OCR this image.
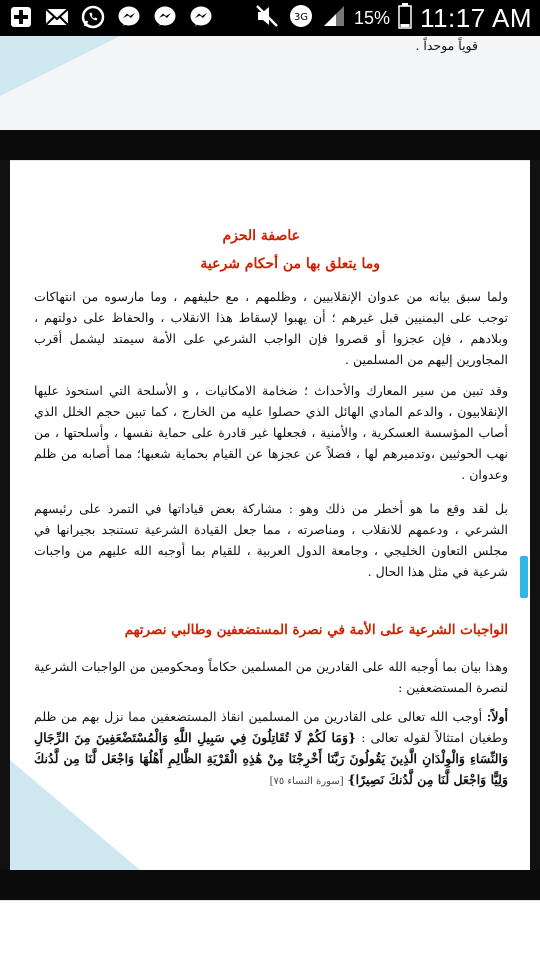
3G	15% 11:17 AM
١١	قوياً موحداً .
عاصفة الحزم
وما يتعلق بها من أحكام شرعية

ولما سبق بيانه من عدوان الإنقلابيين ، وظلمهم ، مع حليفهم ، وما مارسوه من انتهاكات توجب على اليمنيين قبل غيرهم ؛ أن يهبوا لإسقاط هذا الانقلاب ، والحفاظ على دولتهم ، وبلادهم ، فإن عجزوا أو قصروا فإن الواجب الشرعي على الأمة سيمتد ليشمل أقرب المجاورين إليهم من المسلمين .

وقد تبين من سير المعارك والأحداث ؛ ضخامة الامكانيات ، و الأسلحة التي استحوذ عليها الإنقلابيون ، والدعم المادي الهائل الذي حصلوا عليه من الخارج ، كما تبين حجم الخلل الذي أصاب المؤسسة العسكرية ، والأمنية ، فجعلها غير قادرة على حماية نفسها ، وأسلحتها ، من نهب الحوثيين ،وتدميرهم لها ، فضلاً عن عجزها عن القيام بحماية شعبها؛ مما أصابه من ظلم وعدوان .

بل لقد وقع ما هو أخطر من ذلك وهو : مشاركة بعض قياداتها في التمرد على رئيسهم الشرعي ، ودعمهم للانقلاب ، ومناصرته ، مما جعل القيادة الشرعية تستنجد بجيرانها في مجلس التعاون الخليجي ، وجامعة الدول العربية ، للقيام بما أوجبه الله عليهم من واجبات شرعية في مثل هذا الحال .

الواجبات الشرعية على الأمة في نصرة المستضعفين وطالبي نصرتهم

وهذا بيان بما أوجبه الله على القادرين من المسلمين حكاماً ومحكومين من الواجبات الشرعية لنصرة المستضعفين :

أولاً: أوجب الله تعالى على القادرين من المسلمين انقاذ المستضعفين مما نزل بهم من ظلم وطغيان امتثالاً لقوله تعالى : {وَمَا لَكُمْ لَا تُقَاتِلُونَ فِي سَبِيلِ اللَّهِ وَالْمُسْتَضْعَفِينَ مِنَ الرِّجَالِ وَالنِّسَاءِ وَالْوِلْدَانِ الَّذِينَ يَقُولُونَ رَبَّنَا أَخْرِجْنَا مِنْ هَٰذِهِ الْقَرْيَةِ الظَّالِمِ أَهْلُهَا وَاجْعَل لَّنَا مِن لَّدُنكَ وَلِيًّا وَاجْعَل لَّنَا مِن لَّدُنكَ نَصِيرًا} [سورة النساء ٧٥]
١٢
